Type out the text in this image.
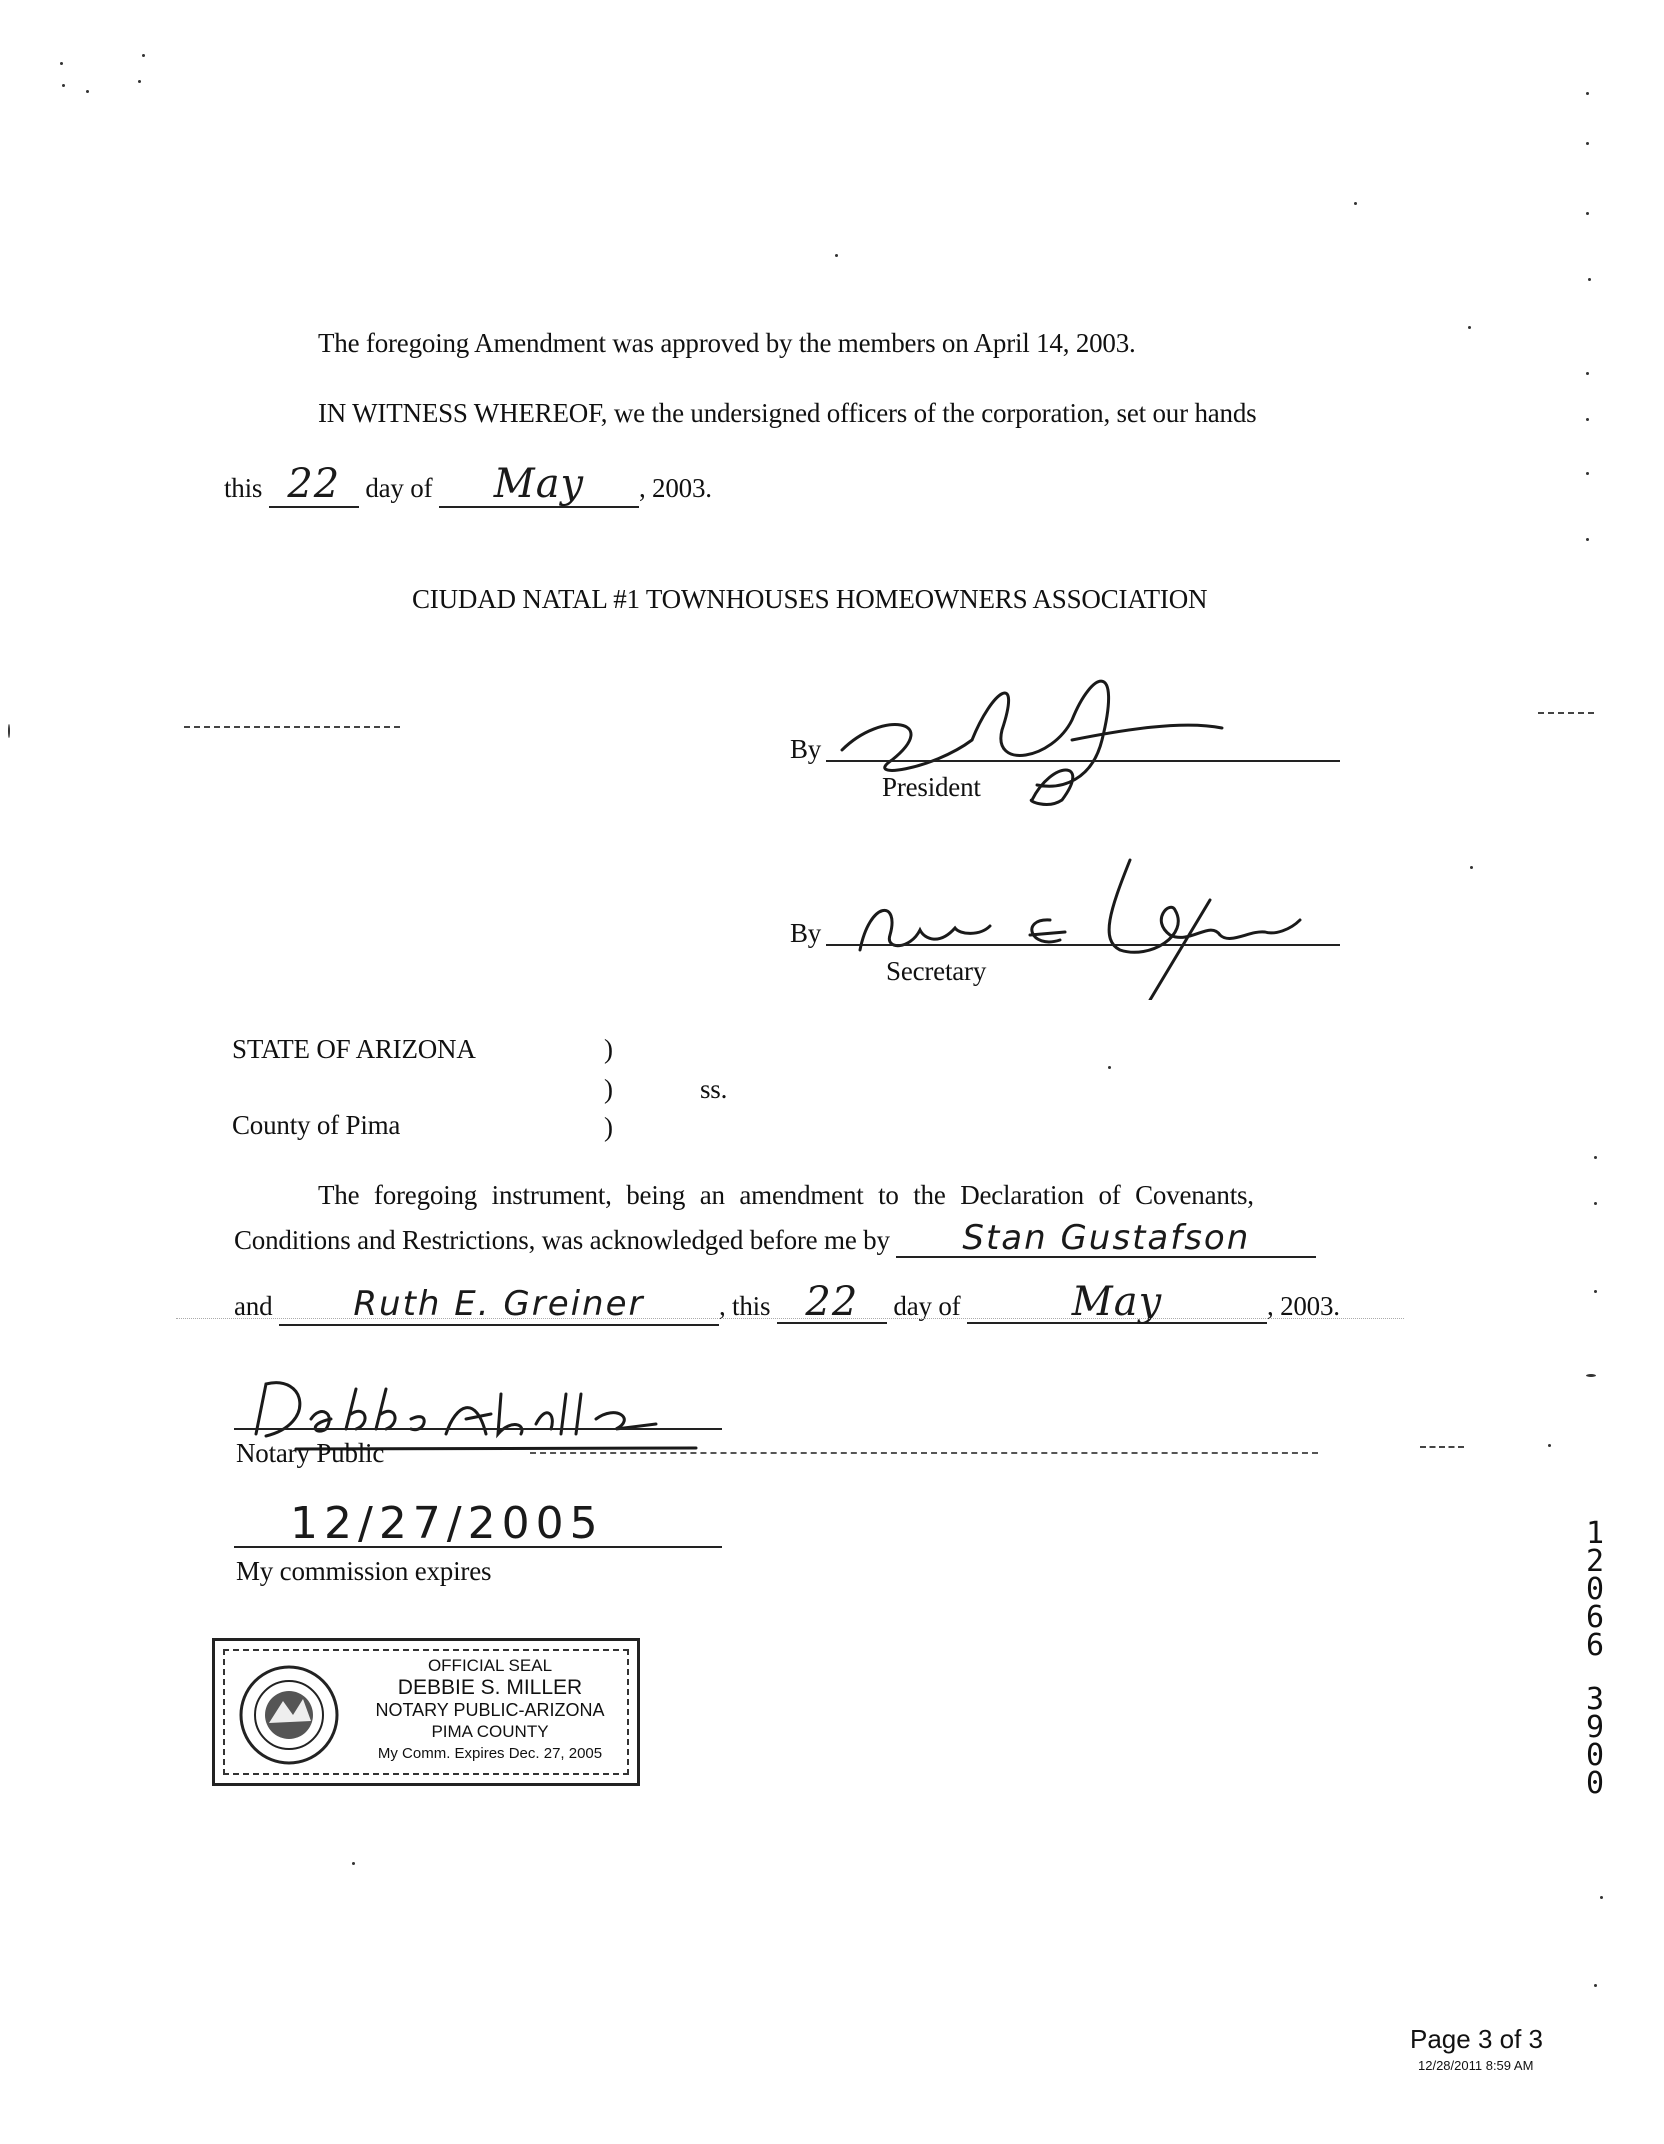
The foregoing Amendment was approved by the members on April 14, 2003.
IN WITNESS WHEREOF, we the undersigned officers of the corporation, set our hands
this 22 day of May , 2003.
CIUDAD NATAL #1 TOWNHOUSES HOMEOWNERS ASSOCIATION
By
President
By
Secretary
STATE OF ARIZONA
County of Pima
)
)
)
ss.
The foregoing instrument, being an amendment to the Declaration of Covenants,
Conditions and Restrictions, was acknowledged before me by Stan Gustafson
and Ruth E. Greiner	, this 22 day of	May	, 2003.
Notary Public
12/27/2005
My commission expires
OFFICIAL SEAL
DEBBIE S. MILLER
NOTARY PUBLIC-ARIZONA
PIMA COUNTY
My Comm. Expires Dec. 27, 2005
1
2
0
6
6
3
9
0
0
Page 3 of 3
12/28/2011 8:59 AM
